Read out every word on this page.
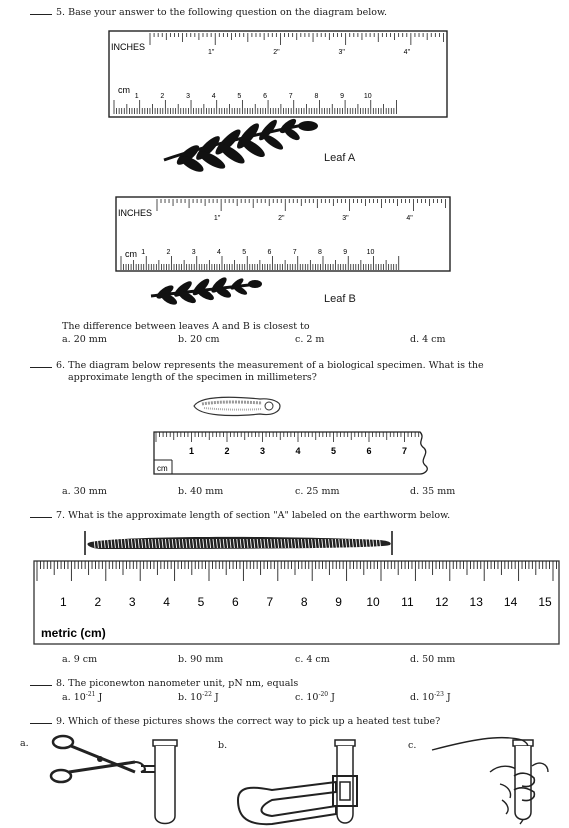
5. Base your answer to the following question on the diagram below.
1"	2"	3"	4"
1	2	3	4	5	6	7	8	9	10
INCHES
cm
Leaf A
1"	2"	3"	4"
1	2	3	4	5	6	7	8	9	10
INCHES
cm
Leaf B
The difference between leaves A and B is closest to
a. 20 mm	b. 20 cm	c. 2 m	d. 4 cm
6. The diagram below represents the measurement of a biological specimen. What is the
approximate length of the specimen in millimeters?
1	2	3	4	5	6	7
cm
a. 30 mm	b. 40 mm	c. 25 mm	d. 35 mm
7. What is the approximate length of section "A" labeled on the earthworm below.
1 2 3 4 5 6 7 8 9 10 11 12 13 14 15
metric (cm)
a. 9 cm	b. 90 mm	c. 4 cm	d. 50 mm
8. The piconewton nanometer unit, pN nm, equals
a. $10^{-21}$ J	b. $10^{-22}$ J	c. $10^{-20}$ J	d. $10^{-23}$ J
9. Which of these pictures shows the correct way to pick up a heated test tube?
a.	b.	c.
